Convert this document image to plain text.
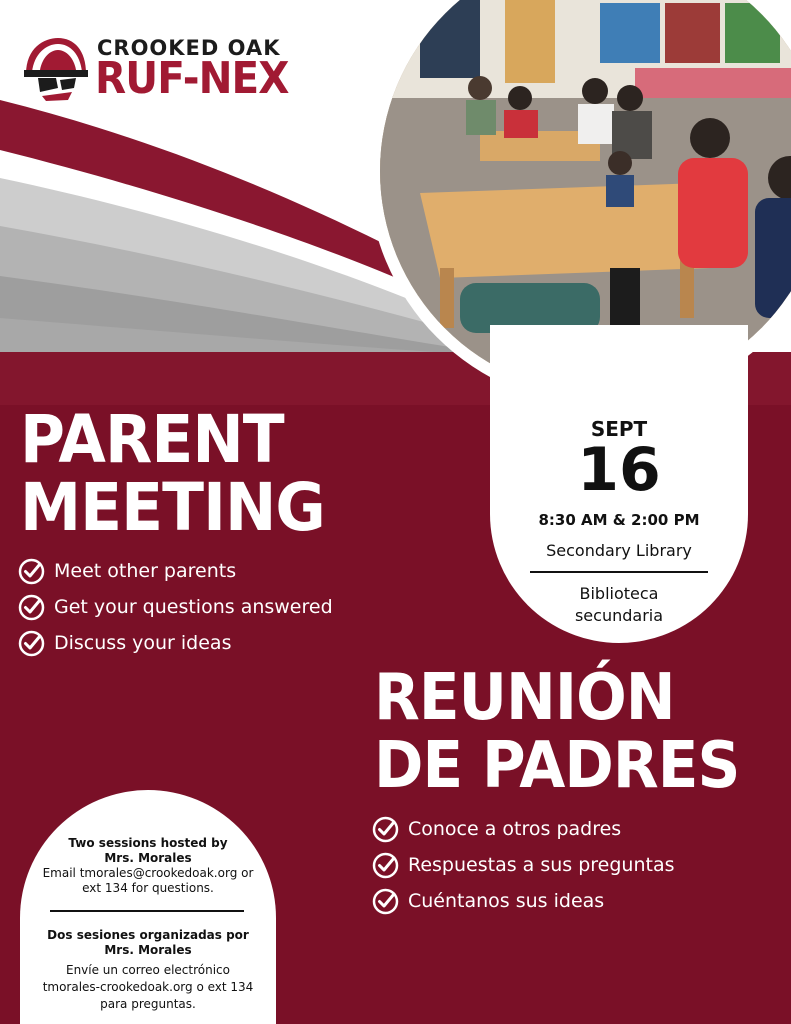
CROOKED OAK
RUF-NEX
SEPT
16
8:30 AM & 2:00 PM
Secondary Library
Biblioteca
secundaria
PARENT
MEETING
Meet other parents
Get your questions answered
Discuss your ideas
REUNIÓN
DE PADRES
Conoce a otros padres
Respuestas a sus preguntas
Cuéntanos sus ideas
Two sessions hosted by
Mrs. Morales
Email tmorales@crookedoak.org or
ext 134 for questions.
Dos sesiones organizadas por
Mrs. Morales
Envíe un correo electrónico
tmorales-crookedoak.org o ext 134
para preguntas.
